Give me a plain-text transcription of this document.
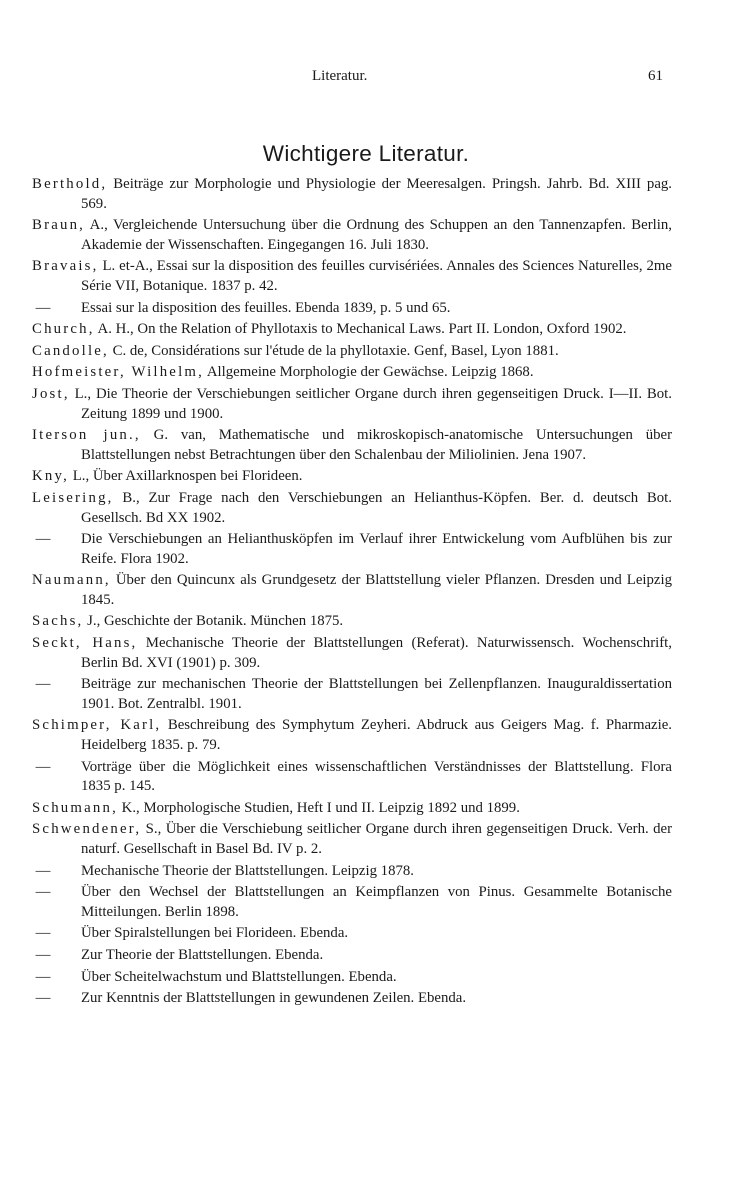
Literatur.	61
Wichtigere Literatur.
Berthold, Beiträge zur Morphologie und Physiologie der Meeresalgen. Pringsh. Jahrb. Bd. XIII pag. 569.
Braun, A., Vergleichende Untersuchung über die Ordnung des Schuppen an den Tannenzapfen. Berlin, Akademie der Wissenschaften. Eingegangen 16. Juli 1830.
Bravais, L. et-A., Essai sur la disposition des feuilles curvisériées. Annales des Sciences Naturelles, 2me Série VII, Botanique. 1837 p. 42.
— Essai sur la disposition des feuilles. Ebenda 1839, p. 5 und 65.
Church, A. H., On the Relation of Phyllotaxis to Mechanical Laws. Part II. London, Oxford 1902.
Candolle, C. de, Considérations sur l'étude de la phyllotaxie. Genf, Basel, Lyon 1881.
Hofmeister, Wilhelm, Allgemeine Morphologie der Gewächse. Leipzig 1868.
Jost, L., Die Theorie der Verschiebungen seitlicher Organe durch ihren gegenseitigen Druck. I—II. Bot. Zeitung 1899 und 1900.
Iterson jun., G. van, Mathematische und mikroskopisch-anatomische Untersuchungen über Blattstellungen nebst Betrachtungen über den Schalenbau der Miliolinien. Jena 1907.
Kny, L., Über Axillarknospen bei Florideen.
Leisering, B., Zur Frage nach den Verschiebungen an Helianthus-Köpfen. Ber. d. deutsch Bot. Gesellsch. Bd XX 1902.
— Die Verschiebungen an Helianthusköpfen im Verlauf ihrer Entwickelung vom Aufblühen bis zur Reife. Flora 1902.
Naumann, Über den Quincunx als Grundgesetz der Blattstellung vieler Pflanzen. Dresden und Leipzig 1845.
Sachs, J., Geschichte der Botanik. München 1875.
Seckt, Hans, Mechanische Theorie der Blattstellungen (Referat). Naturwissensch. Wochenschrift, Berlin Bd. XVI (1901) p. 309.
— Beiträge zur mechanischen Theorie der Blattstellungen bei Zellenpflanzen. Inauguraldissertation 1901. Bot. Zentralbl. 1901.
Schimper, Karl, Beschreibung des Symphytum Zeyheri. Abdruck aus Geigers Mag. f. Pharmazie. Heidelberg 1835. p. 79.
— Vorträge über die Möglichkeit eines wissenschaftlichen Verständnisses der Blattstellung. Flora 1835 p. 145.
Schumann, K., Morphologische Studien, Heft I und II. Leipzig 1892 und 1899.
Schwendener, S., Über die Verschiebung seitlicher Organe durch ihren gegenseitigen Druck. Verh. der naturf. Gesellschaft in Basel Bd. IV p. 2.
— Mechanische Theorie der Blattstellungen. Leipzig 1878.
— Über den Wechsel der Blattstellungen an Keimpflanzen von Pinus. Gesammelte Botanische Mitteilungen. Berlin 1898.
— Über Spiralstellungen bei Florideen. Ebenda.
— Zur Theorie der Blattstellungen. Ebenda.
— Über Scheitelwachstum und Blattstellungen. Ebenda.
— Zur Kenntnis der Blattstellungen in gewundenen Zeilen. Ebenda.
